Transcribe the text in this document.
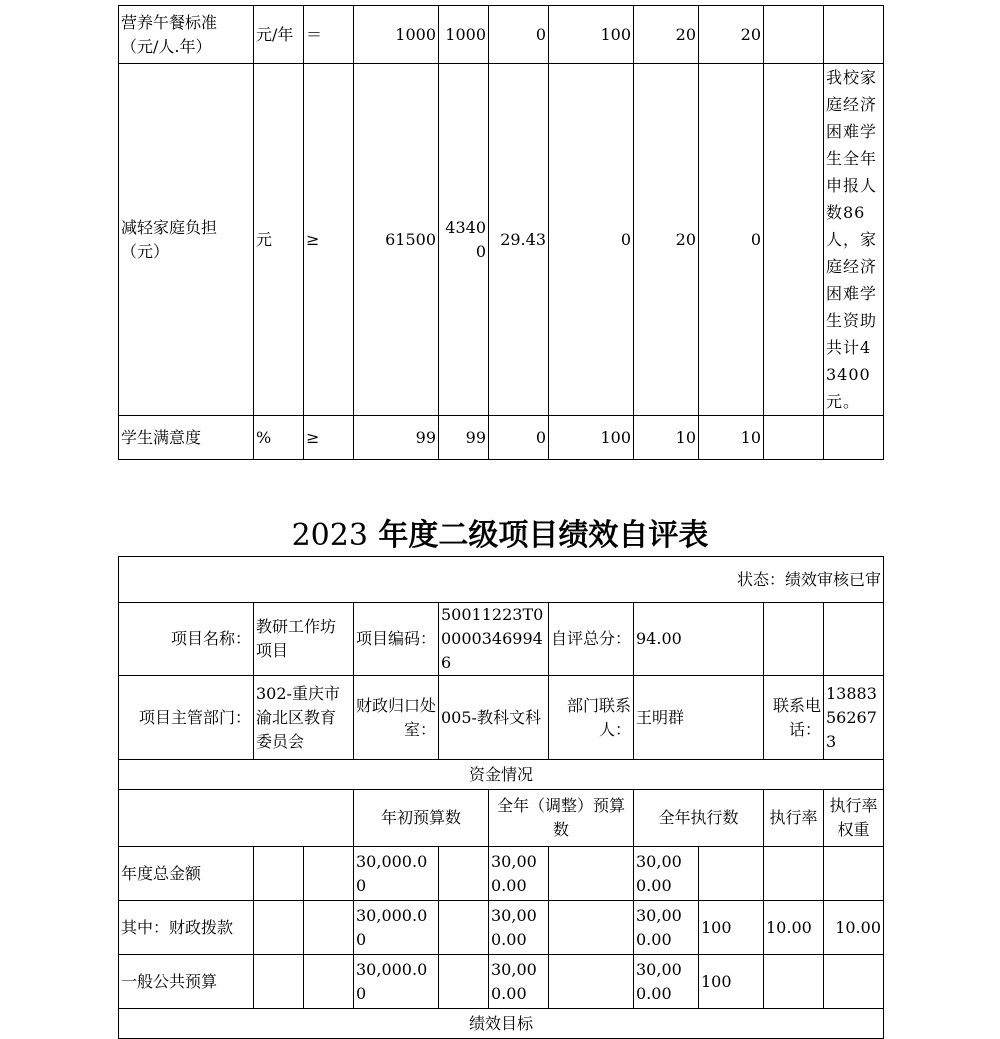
营养午餐标准（元/人.年）	元/年	＝	1000	1000	0	100	20	20		
减轻家庭负担（元）	元	≥	61500	43400	29.43	0	20	0		我校家庭经济困难学生全年申报人数86人，家庭经济困难学生资助共计43400元。
学生满意度	%	≥	99	99	0	100	10	10		
2023 年度二级项目绩效自评表
状态：绩效审核已审										
项目名称：	教研工作坊项目		项目编码：	50011223T000003469946		自评总分：	94.00			
项目主管部门：	302-重庆市渝北区教育委员会		财政归口处室：	005-教科文科		部门联系人：	王明群		联系电话：	13883562673
资金情况										
			年初预算数		全年（调整）预算数		全年执行数		执行率	执行率权重
年度总金额			30,000.00		30,000.00		30,000.00			
其中：财政拨款			30,000.00		30,000.00		30,000.00	100	10.00	10.00
一般公共预算			30,000.00		30,000.00		30,000.00	100		
绩效目标										
